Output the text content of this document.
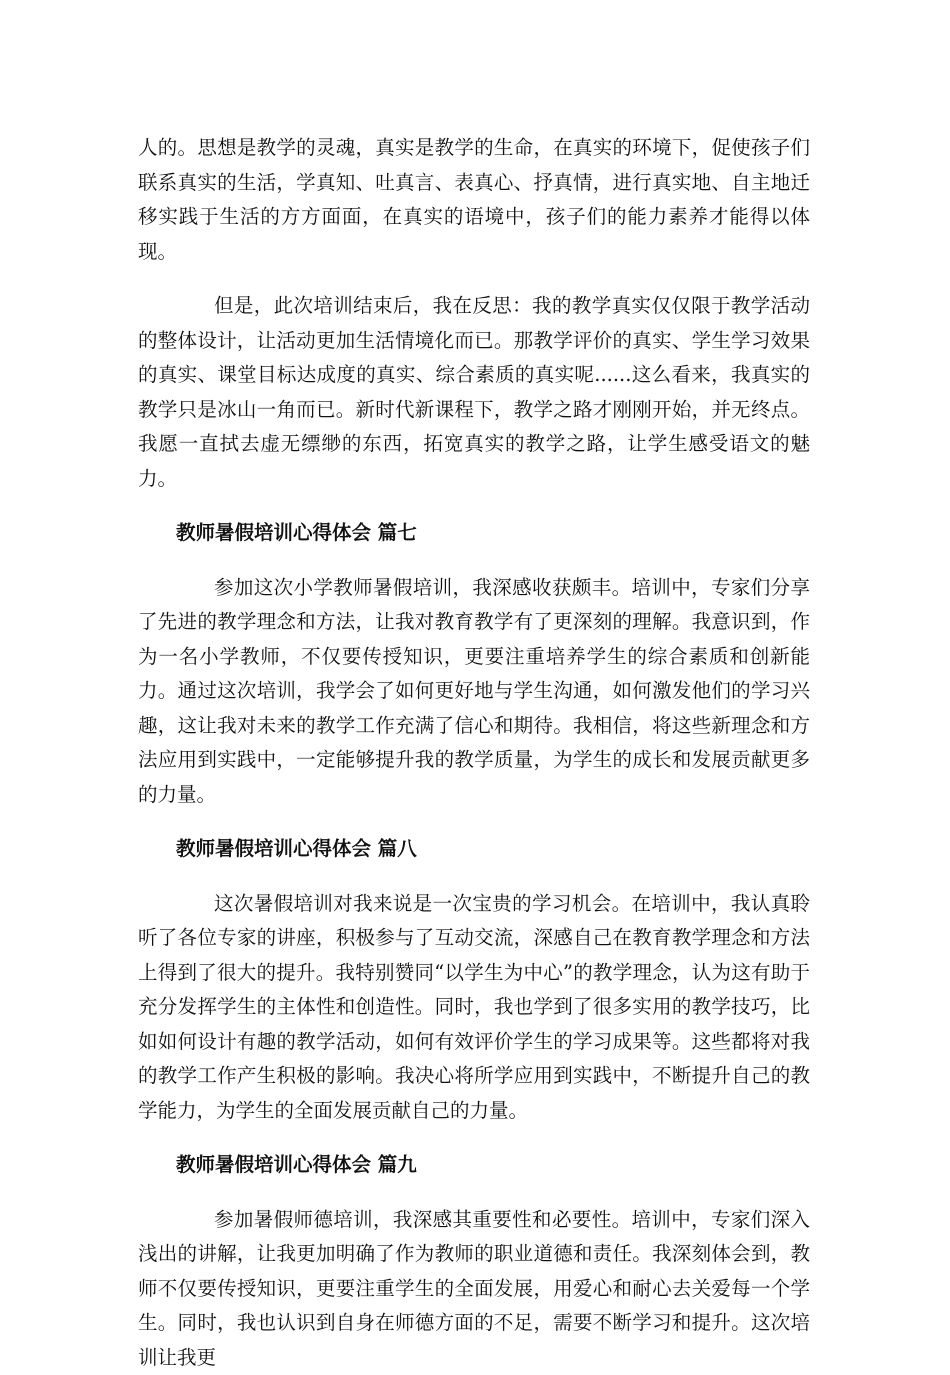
人的。思想是教学的灵魂，真实是教学的生命，在真实的环境下，促使孩子们联系真实的生活，学真知、吐真言、表真心、抒真情，进行真实地、自主地迁移实践于生活的方方面面，在真实的语境中，孩子们的能力素养才能得以体现。

但是，此次培训结束后，我在反思：我的教学真实仅仅限于教学活动的整体设计，让活动更加生活情境化而已。那教学评价的真实、学生学习效果的真实、课堂目标达成度的真实、综合素质的真实呢......这么看来，我真实的教学只是冰山一角而已。新时代新课程下，教学之路才刚刚开始，并无终点。我愿一直拭去虚无缥缈的东西，拓宽真实的教学之路，让学生感受语文的魅力。

教师暑假培训心得体会 篇七

参加这次小学教师暑假培训，我深感收获颇丰。培训中，专家们分享了先进的教学理念和方法，让我对教育教学有了更深刻的理解。我意识到，作为一名小学教师，不仅要传授知识，更要注重培养学生的综合素质和创新能力。通过这次培训，我学会了如何更好地与学生沟通，如何激发他们的学习兴趣，这让我对未来的教学工作充满了信心和期待。我相信，将这些新理念和方法应用到实践中，一定能够提升我的教学质量，为学生的成长和发展贡献更多的力量。

教师暑假培训心得体会 篇八

这次暑假培训对我来说是一次宝贵的学习机会。在培训中，我认真聆听了各位专家的讲座，积极参与了互动交流，深感自己在教育教学理念和方法上得到了很大的提升。我特别赞同“以学生为中心”的教学理念，认为这有助于充分发挥学生的主体性和创造性。同时，我也学到了很多实用的教学技巧，比如如何设计有趣的教学活动，如何有效评价学生的学习成果等。这些都将对我的教学工作产生积极的影响。我决心将所学应用到实践中，不断提升自己的教学能力，为学生的全面发展贡献自己的力量。

教师暑假培训心得体会 篇九

参加暑假师德培训，我深感其重要性和必要性。培训中，专家们深入浅出的讲解，让我更加明确了作为教师的职业道德和责任。我深刻体会到，教师不仅要传授知识，更要注重学生的全面发展，用爱心和耐心去关爱每一个学生。同时，我也认识到自身在师德方面的不足，需要不断学习和提升。这次培训让我更
